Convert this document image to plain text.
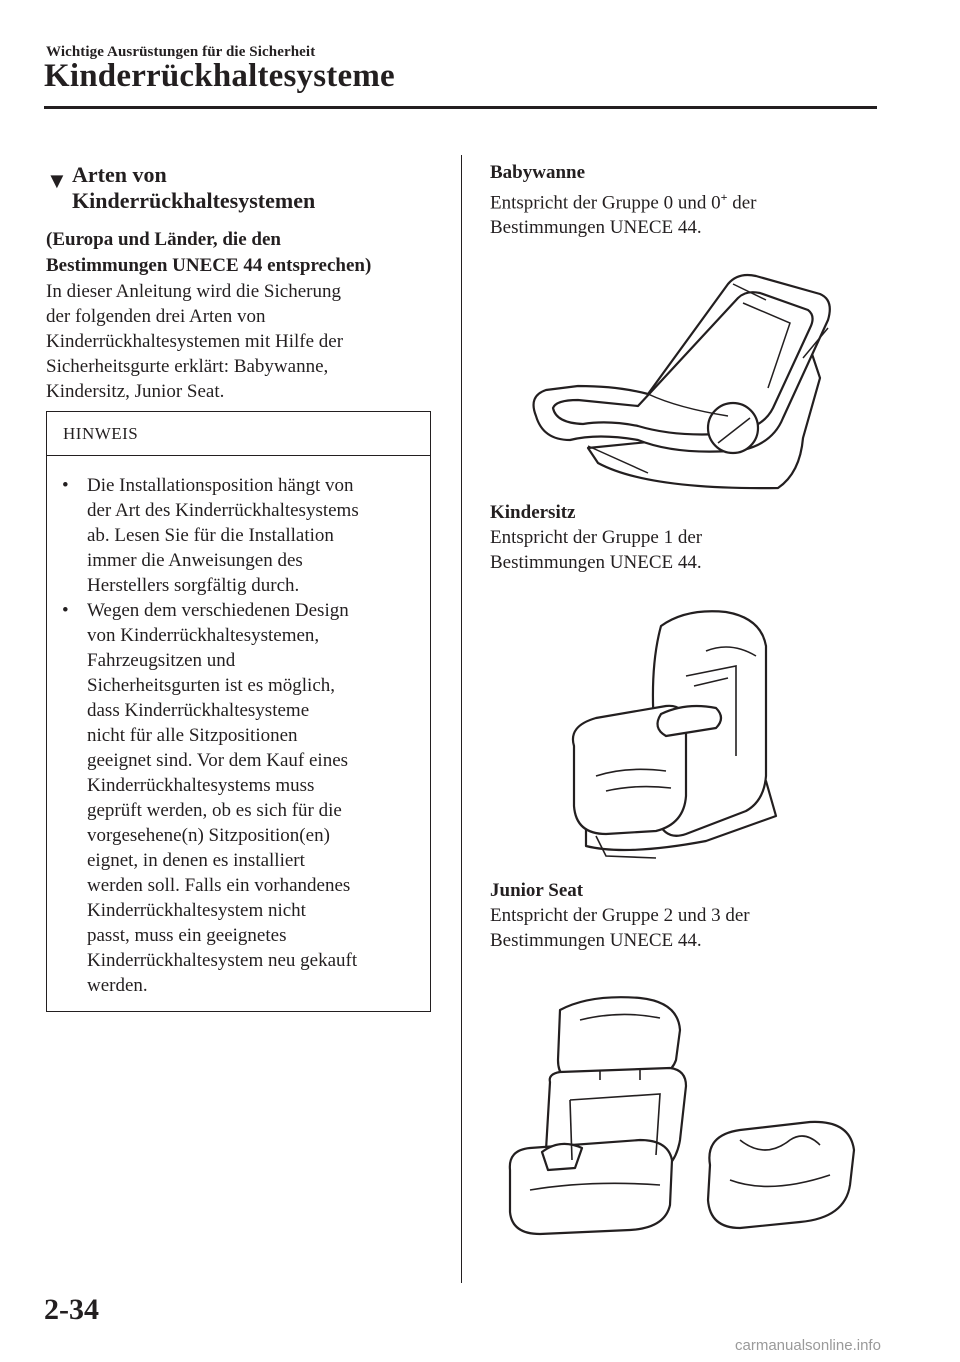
Wichtige Ausrüstungen für die Sicherheit
Kinderrückhaltesysteme
▼ Arten von
Kinderrückhaltesystemen
(Europa und Länder, die den
Bestimmungen UNECE 44 entsprechen)
In dieser Anleitung wird die Sicherung
der folgenden drei Arten von
Kinderrückhaltesystemen mit Hilfe der
Sicherheitsgurte erklärt: Babywanne,
Kindersitz, Junior Seat.
HINWEIS
• Die Installationsposition hängt von
der Art des Kinderrückhaltesystems
ab. Lesen Sie für die Installation
immer die Anweisungen des
Herstellers sorgfältig durch.
• Wegen dem verschiedenen Design
von Kinderrückhaltesystemen,
Fahrzeugsitzen und
Sicherheitsgurten ist es möglich,
dass Kinderrückhaltesysteme
nicht für alle Sitzpositionen
geeignet sind. Vor dem Kauf eines
Kinderrückhaltesystems muss
geprüft werden, ob es sich für die
vorgesehene(n) Sitzposition(en)
eignet, in denen es installiert
werden soll. Falls ein vorhandenes
Kinderrückhaltesystem nicht
passt, muss ein geeignetes
Kinderrückhaltesystem neu gekauft
werden.
Babywanne
Entspricht der Gruppe 0 und 0+ der
Bestimmungen UNECE 44.
Kindersitz
Entspricht der Gruppe 1 der
Bestimmungen UNECE 44.
Junior Seat
Entspricht der Gruppe 2 und 3 der
Bestimmungen UNECE 44.
2-34
carmanualsonline.info
